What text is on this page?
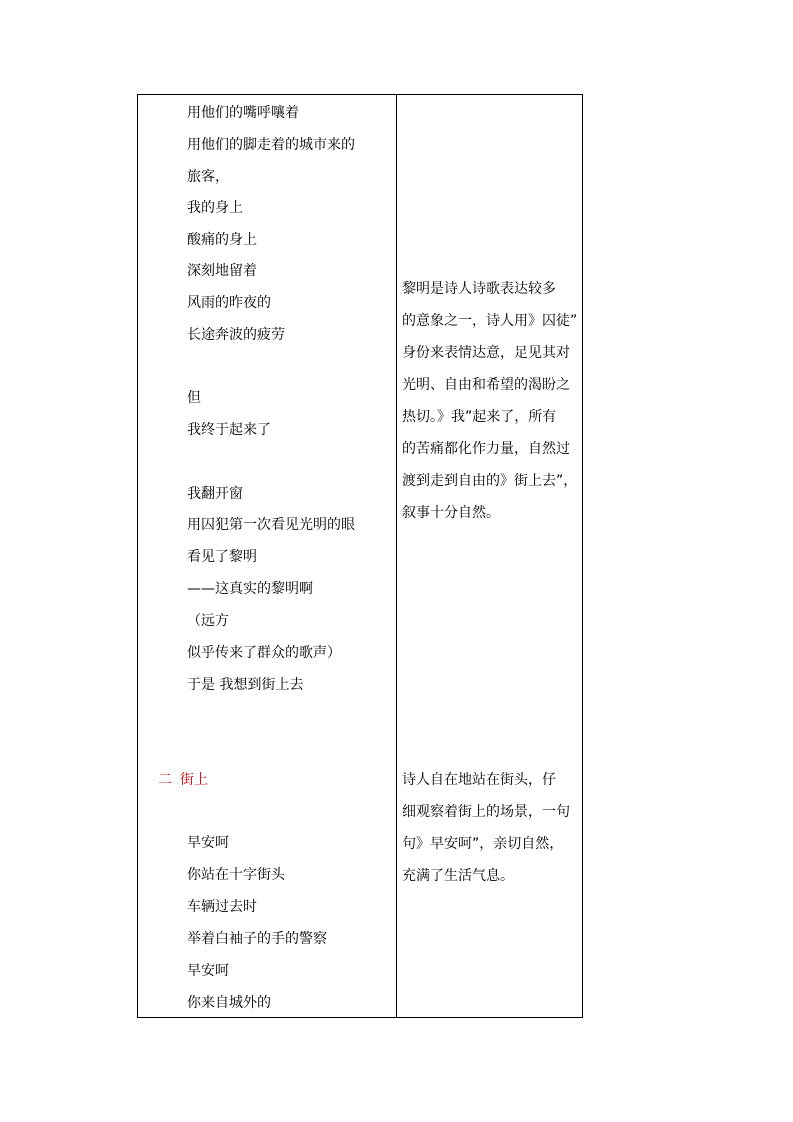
用他们的嘴呼嚷着
用他们的脚走着的城市来的
旅客，
我的身上
酸痛的身上
深刻地留着
风雨的昨夜的
长途奔波的疲劳
但
我终于起来了
我翻开窗
用囚犯第一次看见光明的眼
看见了黎明
——这真实的黎明啊
（远方
似乎传来了群众的歌声）
于是 我想到街上去
二 街上
早安呵
你站在十字街头
车辆过去时
举着白袖子的手的警察
早安呵
你来自城外的
黎明是诗人诗歌表达较多
的意象之一，诗人用》囚徒”
身份来表情达意，足见其对
光明、自由和希望的渴盼之
热切。》我”起来了，所有
的苦痛都化作力量，自然过
渡到走到自由的》街上去”，
叙事十分自然。
诗人自在地站在街头，仔
细观察着街上的场景，一句
句》早安呵”，亲切自然，
充满了生活气息。
